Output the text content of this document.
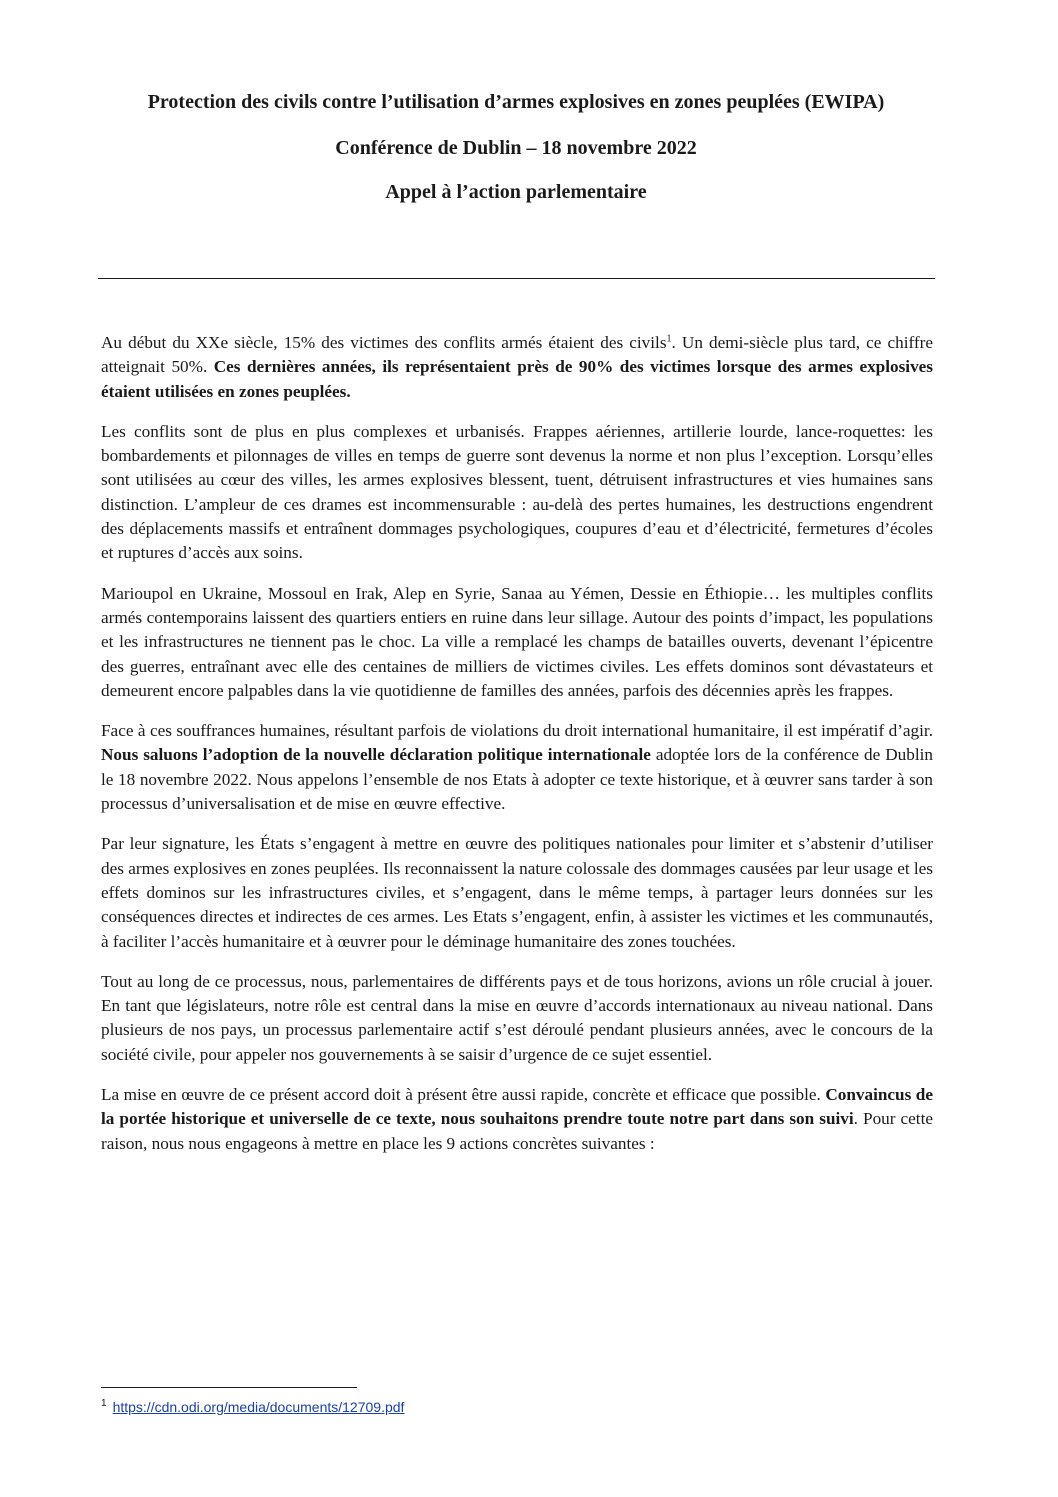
Protection des civils contre l’utilisation d’armes explosives en zones peuplées (EWIPA)

Conférence de Dublin – 18 novembre 2022

Appel à l’action parlementaire

Au début du XXe siècle, 15% des victimes des conflits armés étaient des civils$^1$. Un demi-siècle plus tard, ce chiffre atteignait 50%. Ces dernières années, ils représentaient près de 90% des victimes lorsque des armes explosives étaient utilisées en zones peuplées.

Les conflits sont de plus en plus complexes et urbanisés. Frappes aériennes, artillerie lourde, lance-roquettes: les bombardements et pilonnages de villes en temps de guerre sont devenus la norme et non plus l’exception. Lorsqu’elles sont utilisées au cœur des villes, les armes explosives blessent, tuent, détruisent infrastructures et vies humaines sans distinction. L’ampleur de ces drames est incommensurable : au-delà des pertes humaines, les destructions engendrent des déplacements massifs et entraînent dommages psychologiques, coupures d’eau et d’électricité, fermetures d’écoles et ruptures d’accès aux soins.

Marioupol en Ukraine, Mossoul en Irak, Alep en Syrie, Sanaa au Yémen, Dessie en Éthiopie… les multiples conflits armés contemporains laissent des quartiers entiers en ruine dans leur sillage. Autour des points d’impact, les populations et les infrastructures ne tiennent pas le choc. La ville a remplacé les champs de batailles ouverts, devenant l’épicentre des guerres, entraînant avec elle des centaines de milliers de victimes civiles. Les effets dominos sont dévastateurs et demeurent encore palpables dans la vie quotidienne de familles des années, parfois des décennies après les frappes.

Face à ces souffrances humaines, résultant parfois de violations du droit international humanitaire, il est impératif d’agir. Nous saluons l’adoption de la nouvelle déclaration politique internationale adoptée lors de la conférence de Dublin le 18 novembre 2022. Nous appelons l’ensemble de nos Etats à adopter ce texte historique, et à œuvrer sans tarder à son processus d’universalisation et de mise en œuvre effective.

Par leur signature, les États s’engagent à mettre en œuvre des politiques nationales pour limiter et s’abstenir d’utiliser des armes explosives en zones peuplées. Ils reconnaissent la nature colossale des dommages causées par leur usage et les effets dominos sur les infrastructures civiles, et s’engagent, dans le même temps, à partager leurs données sur les conséquences directes et indirectes de ces armes. Les Etats s’engagent, enfin, à assister les victimes et les communautés, à faciliter l’accès humanitaire et à œuvrer pour le déminage humanitaire des zones touchées.

Tout au long de ce processus, nous, parlementaires de différents pays et de tous horizons, avions un rôle crucial à jouer. En tant que législateurs, notre rôle est central dans la mise en œuvre d’accords internationaux au niveau national. Dans plusieurs de nos pays, un processus parlementaire actif s’est déroulé pendant plusieurs années, avec le concours de la société civile, pour appeler nos gouvernements à se saisir d’urgence de ce sujet essentiel.

La mise en œuvre de ce présent accord doit à présent être aussi rapide, concrète et efficace que possible. Convaincus de la portée historique et universelle de ce texte, nous souhaitons prendre toute notre part dans son suivi. Pour cette raison, nous nous engageons à mettre en place les 9 actions concrètes suivantes :

$^1$ https://cdn.odi.org/media/documents/12709.pdf
